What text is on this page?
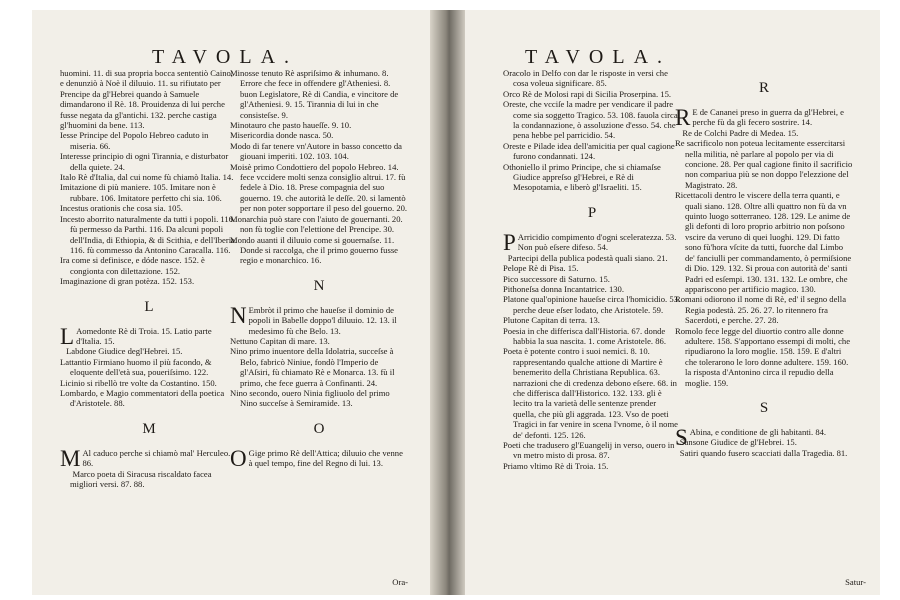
TAVOLA.

huomini. 11. di sua propria bocca sententiò Caino, e denunziò à Noè il diluuio. 11. su rifiutato per Prencipe da gl'Hebrei quando à Samuele dimandarono il Rè. 18. Prouidenza di lui perche fusse negata da gl'antichi. 132. perche castiga gl'huomini da bene. 113.

Iesse Principe del Popolo Hebreo caduto in miseria. 66.

Interesse principio di ogni Tirannia, e disturbator della quiete. 24.

Italo Rè d'Italia, dal cui nome fù chiamò Italia. 14.

Imitazione di più maniere. 105. Imitare non è rubbare. 106. Imitatore perfetto chi sia. 106.

Incestus orationis che cosa sia. 105.

Incesto aborrito naturalmente da tutti i popoli. 116. fù permesso da Parthi. 116. Da alcuni popoli dell'India, di Ethiopia, & di Scithia, e dell'Iberia. 116. fù commesso da Antonino Caracalla. 116.

Ira come si definisce, e dóde nasce. 152. è congionta con dilettazione. 152.

Imaginazione di gran potèza. 152. 153.

L

L Aomedonte Rè di Troia. 15. Latio parte d'Italia. 15.

Labdone Giudice degl'Hebrei. 15.

Lattantio Firmiano huomo il più facondo, & eloquente dell'età sua, poueriſsimo. 122.

Licinio si ribellò tre volte da Costantino. 150.

Lombardo, e Magio commentatori della poetica d'Aristotele. 88.

M

M Al caduco perche si chiamò mal' Herculeo. 86.

Marco poeta di Siracusa riscaldato facea migliori versi. 87. 88.

Minosse tenuto Rè aspriſsimo & inhumano. 8. Errore che fece in offendere gl'Atheniesi. 8. buon Legislatore, Rè di Candia, e vincitore de gl'Atheniesi. 9. 15. Tirannia di lui in che consisteſse. 9.

Minotauro che pasto haueſſe. 9. 10.

Misericordia donde nasca. 50.

Modo di far tenere vn'Autore in basso concetto da giouani imperiti. 102. 103. 104.

Moisè primo Condottiero del popolo Hebreo. 14. fece vccidere molti senza consiglio altrui. 17. fù fedele à Dio. 18. Prese compagnia del suo gouerno. 19. che autorità le deſſe. 20. si lamentò per non poter sopportare il peso del gouerno. 20.

Monarchia può stare con l'aiuto de gouernanti. 20. non fù toglie con l'elettione del Prencipe. 30.

Mondo auanti il diluuio come si gouernaſse. 11. Donde si raccolga, che il primo gouerno fusse regio e monarchico. 16.

N

N Embròt il primo che haueſse il dominio de popoli in Babelle doppo'l diluuio. 12. 13. il medesimo fù che Belo. 13.

Nettuno Capitan di mare. 13.

Nino primo inuentore della Idolatria, succeſse à Belo, fabricò Niniue, fondò l'Imperio de gl'Aſsiri, fù chiamato Rè e Monarca. 13. fù il primo, che fece guerra à Confinanti. 24.

Nino secondo, ouero Ninia figliuolo del primo Nino succeſse à Semiramide. 13.

O

O Gige primo Rè dell'Attica; diluuio che venne à quel tempo, fine del Regno di lui. 13.

Ora-
TAVOLA.

Oracolo in Delfo con dar le risposte in versi che cosa voleua significare. 85.

Orco Rè de Molosi rapi di Sicilia Proserpina. 15.

Oreste, che vcciſe la madre per vendicare il padre come sia soggetto Tragico. 53. 108. fauola circa la condannazione, ò assoluzione d'esso. 54. che pena hebbe pel parricidio. 54.

Oreste e Pilade idea dell'amicitia per qual cagione furono condannati. 124.

Othoniello il primo Principe, che si chiamaſse Giudice appreſso gl'Hebrei, e Rè di Mesopotamia, e liberò gl'Israeliti. 15.

P

P Arricidio compimento d'ogni sceleratezza. 53. Non può eſsere difeso. 54.

Partecipi della publica podestà quali siano. 21.

Pelope Rè di Pisa. 15.

Pico successore di Saturno. 15.

Pithoneſsa donna Incantatrice. 130.

Platone qual'opinione haueſse circa l'homicidio. 53. perche deue eſser lodato, che Aristotele. 59.

Plutone Capitan di terra. 13.

Poesia in che differisca dall'Historia. 67. donde habbia la sua nascita. 1. come Aristotele. 86.

Poeta è potente contro i suoi nemici. 8. 10. rappresentando qualche attione di Martire è benemerito della Christiana Republica. 63. narrazioni che di credenza debono eſsere. 68. in che differisca dall'Historico. 132. 133. gli è lecito tra la varietà delle sentenze prender quella, che più gli aggrada. 123. Vso de poeti Tragici in far venire in scena l'vnome, ò il nome de' defonti. 125. 126.

Poeti che tradusero gl'Euangelij in verso, ouero in vn metro misto di prosa. 87.

Priamo vltimo Rè di Troia. 15.

R

R E de Cananei preso in guerra da gl'Hebrei, e perche fù da gli fecero sostrire. 14.

Re de Colchi Padre di Medea. 15.

Re sacrificolo non poteua lecitamente essercitarsi nella militia, nè parlare al popolo per via di concione. 28. Per qual cagione finito il sacrificio non compariua più se non doppo l'elezzione del Magistrato. 28.

Ricettacoli dentro le viscere della terra quanti, e quali siano. 128. Oltre alli quattro non fù da vn quinto luogo sotterraneo. 128. 129. Le anime de gli defonti di loro proprio arbitrio non poſsono vscire da veruno di quei luoghi. 129. Di fatto sono fù'hora vſcite da tutti, fuorche dal Limbo de' fanciulli per commandamento, ò permiſsione di Dio. 129. 132. Si proua con autorità de' santi Padri ed esſempi. 130. 131. 132. Le ombre, che appariscono per artificio magico. 130.

Romani odiorono il nome di Rè, ed' il segno della Regia podestà. 25. 26. 27. lo ritennero fra Sacerdoti, e perche. 27. 28.

Romolo fece legge del diuortio contro alle donne adultere. 158. S'apportano essempi di molti, che ripudiarono la loro moglie. 158. 159. E d'altri che tolerarono le loro donne adultere. 159. 160. la risposta d'Antonino circa il repudio della moglie. 159.

S

S Abina, e conditione de gli habitanti. 84.

Sansone Giudice de gl'Hebrei. 15.

Satiri quando fusero scacciati dalla Tragedia. 81.

Satur-
